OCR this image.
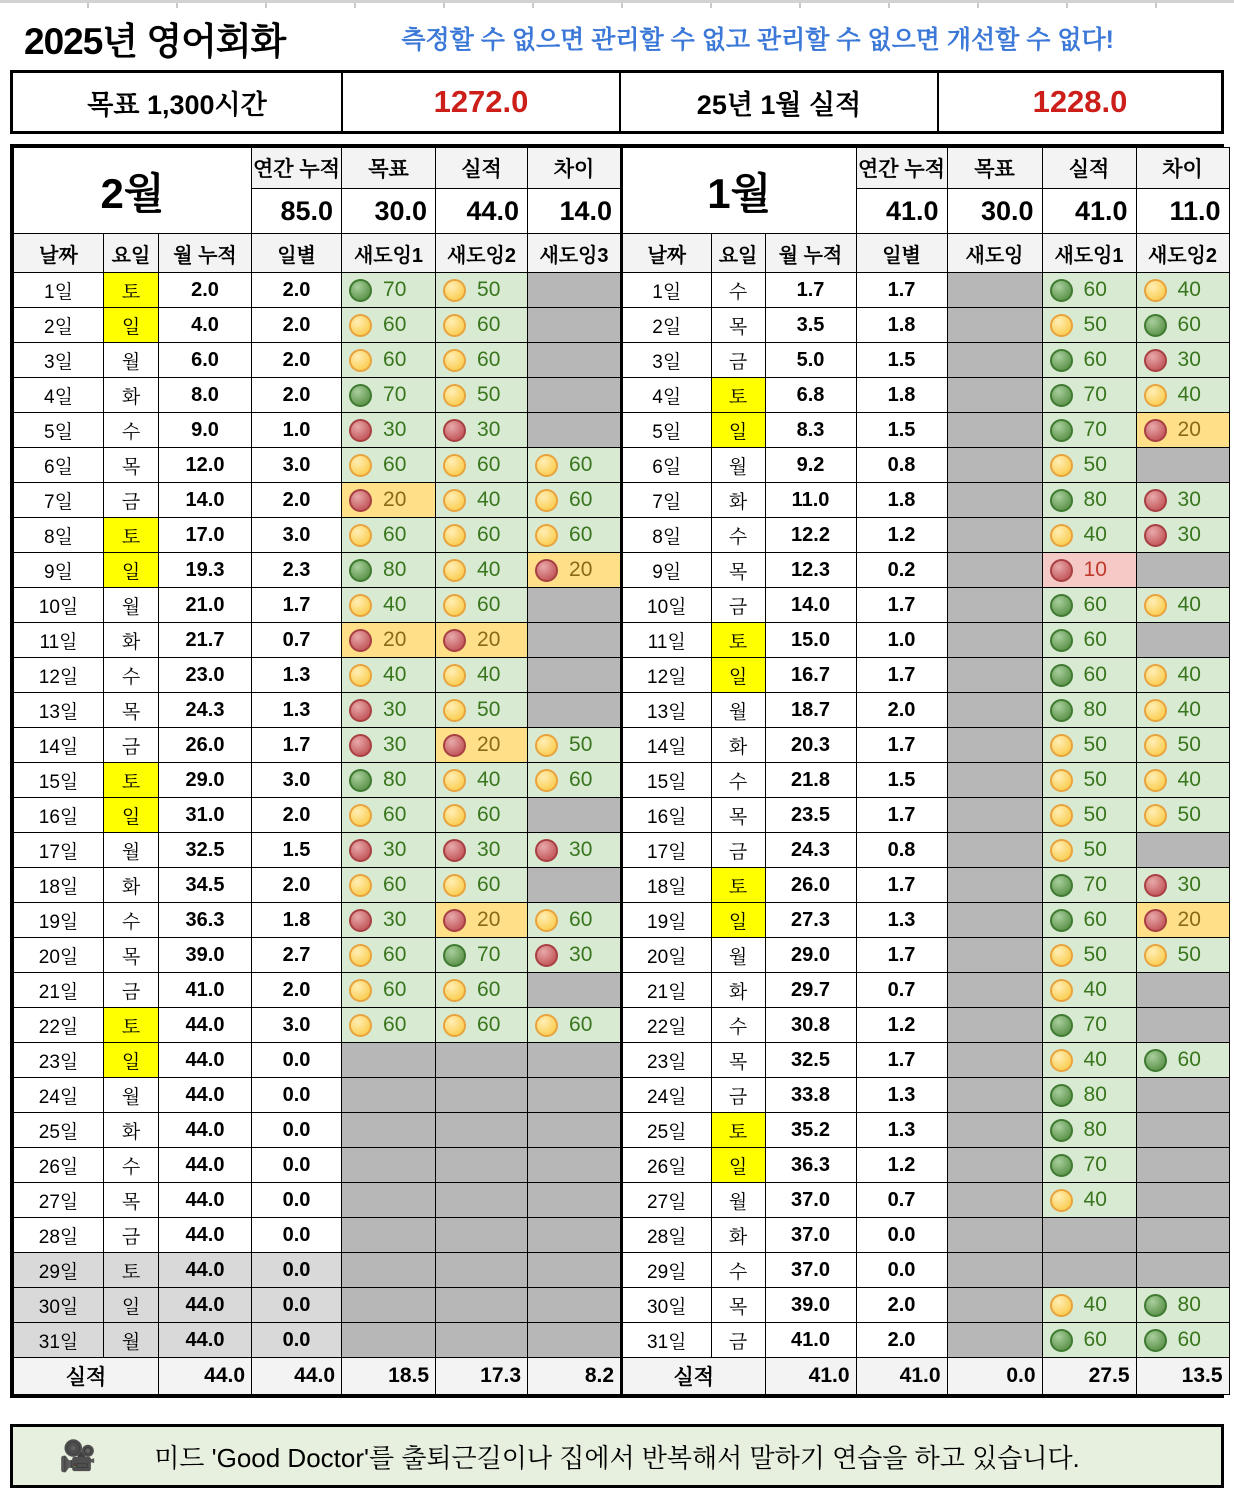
2025년 영어회화	측정할 수 없으면 관리할 수 없고 관리할 수 없으면 개선할 수 없다!
목표 1,300시간	1272.0	25년 1월 실적	1228.0
2월			연간 누적	목표	실적	차이
			85.0	30.0	44.0	14.0
날짜	요일	월 누적	일별	새도잉1	새도잉2	새도잉3
1일	토	2.0	2.0	70	50	

2일	일	4.0	2.0	60	60	

3일	월	6.0	2.0	60	60	

4일	화	8.0	2.0	70	50	

5일	수	9.0	1.0	30	30	

6일	목	12.0	3.0	60	60	60

7일	금	14.0	2.0	20	40	60

8일	토	17.0	3.0	60	60	60

9일	일	19.3	2.3	80	40	20

10일	월	21.0	1.7	40	60	

11일	화	21.7	0.7	20	20	

12일	수	23.0	1.3	40	40	

13일	목	24.3	1.3	30	50	

14일	금	26.0	1.7	30	20	50

15일	토	29.0	3.0	80	40	60

16일	일	31.0	2.0	60	60	

17일	월	32.5	1.5	30	30	30

18일	화	34.5	2.0	60	60	

19일	수	36.3	1.8	30	20	60

20일	목	39.0	2.7	60	70	30

21일	금	41.0	2.0	60	60	

22일	토	44.0	3.0	60	60	60

23일	일	44.0	0.0			
24일	월	44.0	0.0			
25일	화	44.0	0.0			
26일	수	44.0	0.0			
27일	목	44.0	0.0			
28일	금	44.0	0.0			
29일	토	44.0	0.0			
30일	일	44.0	0.0			
31일	월	44.0	0.0			
실적		44.0	44.0	18.5	17.3	8.2
1월			연간 누적	목표	실적	차이
			41.0	30.0	41.0	11.0
날짜	요일	월 누적	일별	새도잉	새도잉1	새도잉2
1일	수	1.7	1.7		60	40

2일	목	3.5	1.8		50	60

3일	금	5.0	1.5		60	30

4일	토	6.8	1.8		70	40

5일	일	8.3	1.5		70	20

6일	월	9.2	0.8		50	

7일	화	11.0	1.8		80	30

8일	수	12.2	1.2		40	30

9일	목	12.3	0.2		10	

10일	금	14.0	1.7		60	40

11일	토	15.0	1.0		60	

12일	일	16.7	1.7		60	40

13일	월	18.7	2.0		80	40

14일	화	20.3	1.7		50	50

15일	수	21.8	1.5		50	40

16일	목	23.5	1.7		50	50

17일	금	24.3	0.8		50	

18일	토	26.0	1.7		70	30

19일	일	27.3	1.3		60	20

20일	월	29.0	1.7		50	50

21일	화	29.7	0.7		40	

22일	수	30.8	1.2		70	

23일	목	32.5	1.7		40	60

24일	금	33.8	1.3		80	

25일	토	35.2	1.3		80	

26일	일	36.3	1.2		70	

27일	월	37.0	0.7		40	

28일	화	37.0	0.0			
29일	수	37.0	0.0			
30일	목	39.0	2.0		40	80

31일	금	41.0	2.0		60	60

실적		41.0	41.0	0.0	27.5	13.5
🎥 미드 'Good Doctor'를 출퇴근길이나 집에서 반복해서 말하기 연습을 하고 있습니다.
